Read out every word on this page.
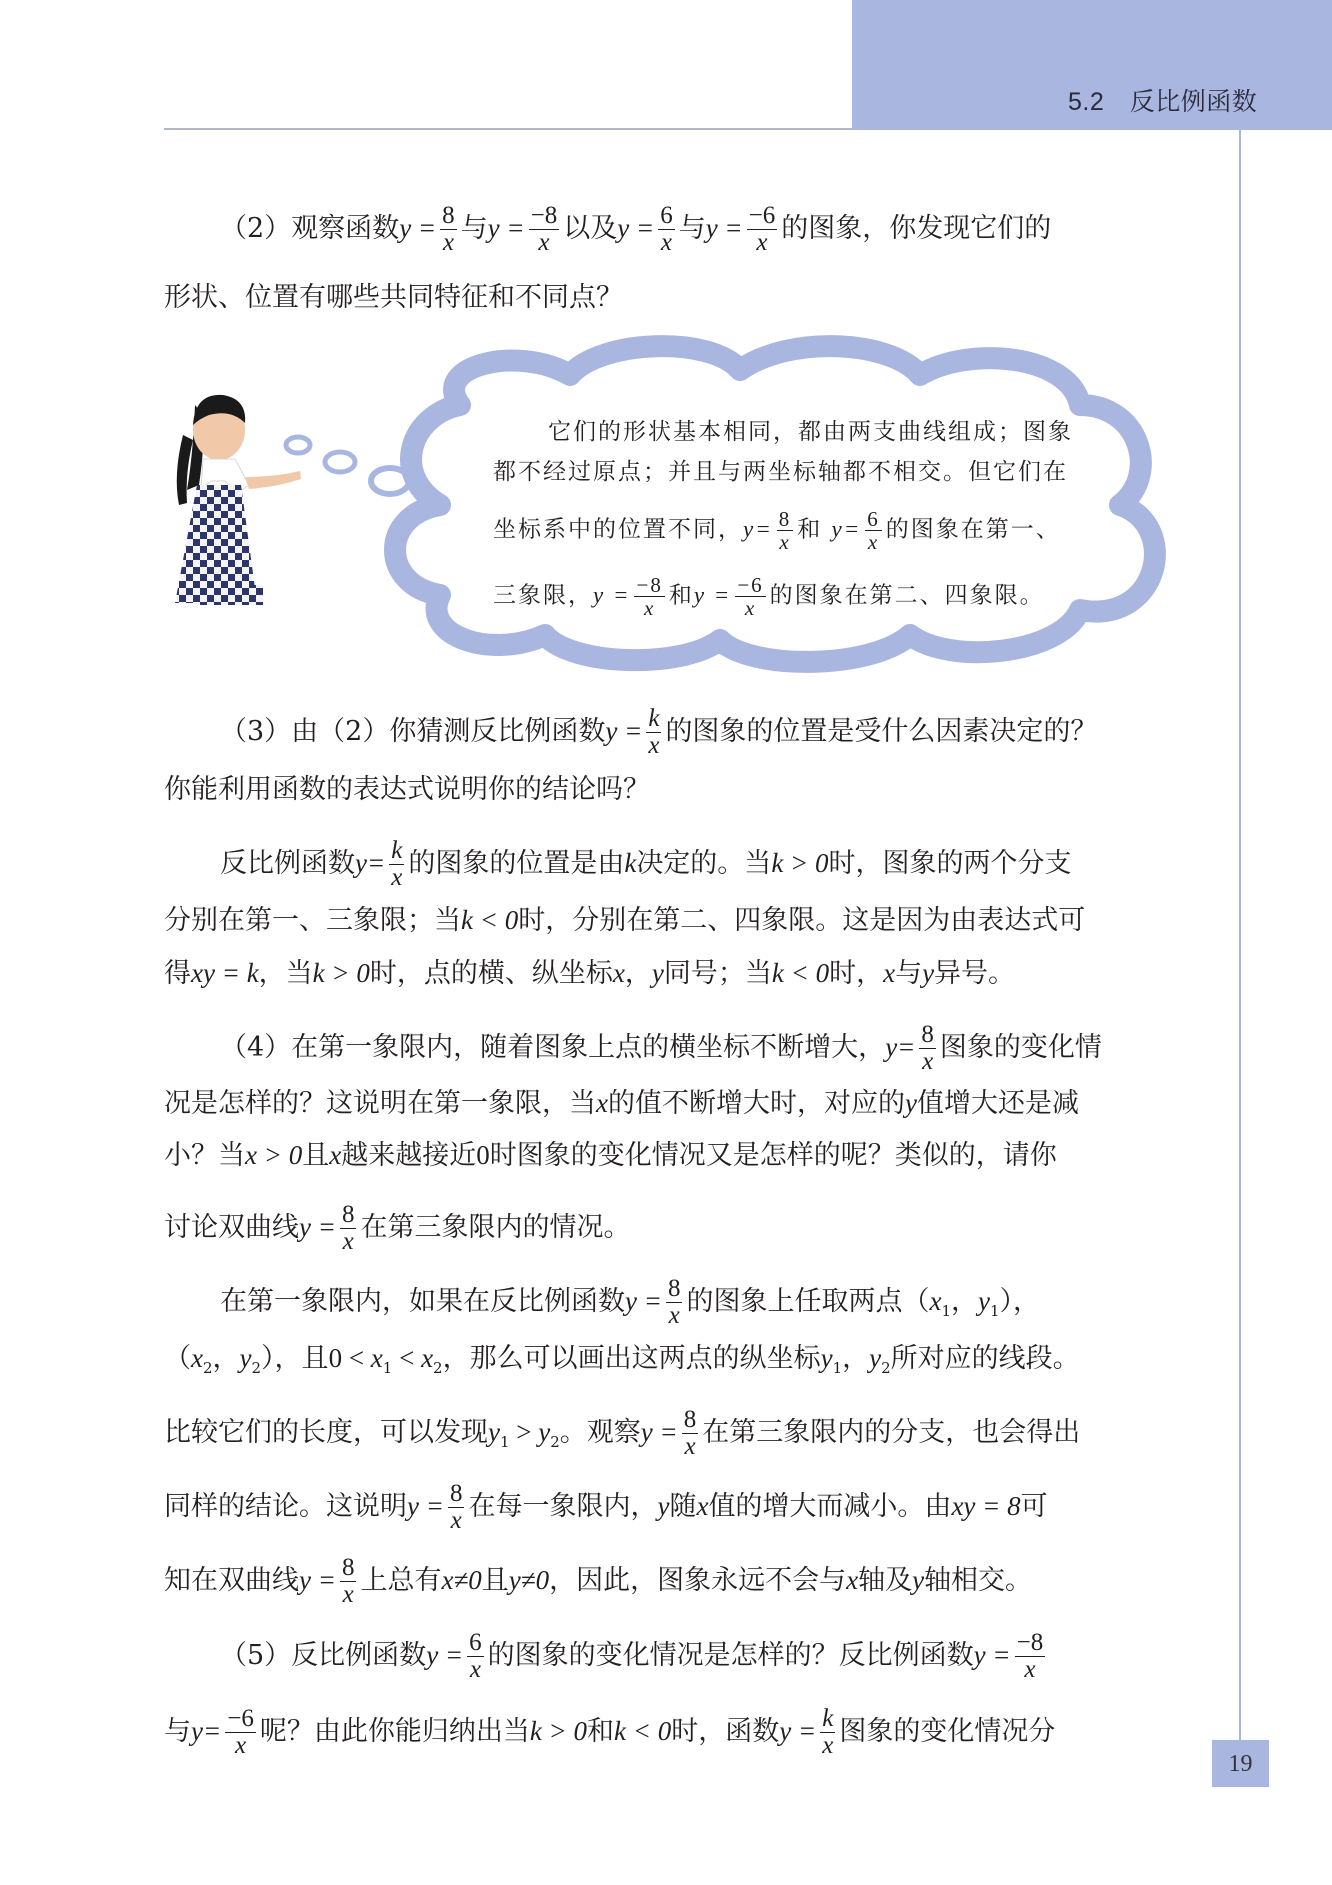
5.2　反比例函数
（2）观察函数$y = \frac{8}{x}$ 与$y = \frac{-8}{x}$ 以及$y = \frac{6}{x}$ 与$y = \frac{-6}{x}$ 的图象，你发现它们的
形状、位置有哪些共同特征和不同点？
它们的形状基本相同，都由两支曲线组成；图象
都不经过原点；并且与两坐标轴都不相交。但它们在
坐标系中的位置不同，$y= \frac{8}{x}$ 和 $y= \frac{6}{x}$ 的图象在第一、
三象限，$y = \frac{-8}{x}$ 和$y = \frac{-6}{x}$ 的图象在第二、四象限。
（3）由（2）你猜测反比例函数$y = \frac{k}{x}$ 的图象的位置是受什么因素决定的？
你能利用函数的表达式说明你的结论吗？
反比例函数$y= \frac{k}{x}$ 的图象的位置是由k决定的。当k > 0时，图象的两个分支
分别在第一、三象限；当k < 0时，分别在第二、四象限。这是因为由表达式可
得xy = k，当k > 0时，点的横、纵坐标x，y同号；当k < 0时，x与y异号。
（4）在第一象限内，随着图象上点的横坐标不断增大，$y= \frac{8}{x}$ 图象的变化情
况是怎样的？这说明在第一象限，当x的值不断增大时，对应的y值增大还是减
小？当x > 0且x越来越接近0时图象的变化情况又是怎样的呢？类似的，请你
讨论双曲线$y = \frac{8}{x}$ 在第三象限内的情况。
在第一象限内，如果在反比例函数$y = \frac{8}{x}$ 的图象上任取两点（$x_1$，$y_1$），
（$x_2$，$y_2$），且$0 < x_1 < x_2$，那么可以画出这两点的纵坐标$y_1$，$y_2$所对应的线段。
比较它们的长度，可以发现$y_1 > y_2$。观察$y = \frac{8}{x}$ 在第三象限内的分支，也会得出
同样的结论。这说明$y = \frac{8}{x}$ 在每一象限内，y随x值的增大而减小。由xy = 8可
知在双曲线$y = \frac{8}{x}$ 上总有x≠0且y≠0，因此，图象永远不会与x轴及y轴相交。
（5）反比例函数$y = \frac{6}{x}$ 的图象的变化情况是怎样的？反比例函数$y = \frac{-8}{x}$
与$y= \frac{-6}{x}$ 呢？由此你能归纳出当k > 0和k < 0时，函数$y = \frac{k}{x}$ 图象的变化情况分
19
